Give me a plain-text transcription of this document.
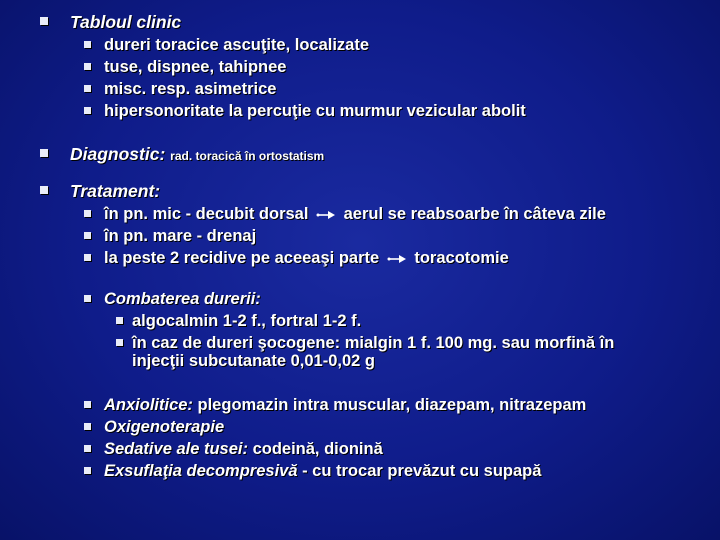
Tabloul clinic
dureri toracice ascuţite, localizate
tuse, dispnee, tahipnee
misc. resp. asimetrice
hipersonoritate la percuţie cu murmur vezicular abolit
Diagnostic: rad. toracică în ortostatism
Tratament:
în pn. mic - decubit dorsal aerul se reabsoarbe în câteva zile
în pn. mare - drenaj
la peste 2 recidive pe aceeaşi parte toracotomie
Combaterea durerii:
algocalmin 1-2 f., fortral 1-2 f.
în caz de dureri şocogene: mialgin 1 f. 100 mg. sau morfină în
injecţii subcutanate 0,01-0,02 g
Anxiolitice: plegomazin intra muscular, diazepam, nitrazepam
Oxigenoterapie
Sedative ale tusei: codeină, dionină
Exsuflaţia decompresivă - cu trocar prevăzut cu supapă
